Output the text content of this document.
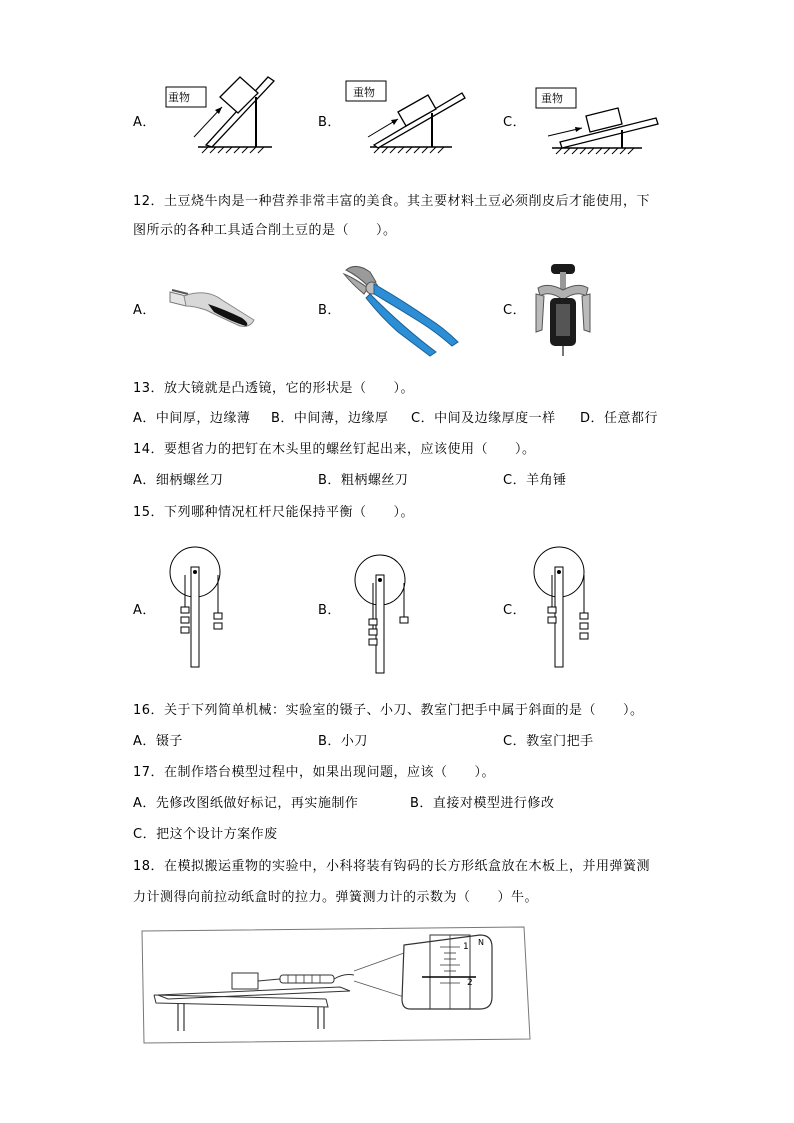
A．
重物
B．
重物
C．
重物
12．土豆烧牛肉是一种营养非常丰富的美食。其主要材料土豆必须削皮后才能使用，下
图所示的各种工具适合削土豆的是（　　）。
A．	B．	C．
13．放大镜就是凸透镜，它的形状是（　　）。
A．中间厚，边缘薄 B．中间薄，边缘厚 C．中间及边缘厚度一样 D．任意都行
14．要想省力的把钉在木头里的螺丝钉起出来，应该使用（　　）。
A．细柄螺丝刀	B．粗柄螺丝刀	C．羊角锤
15．下列哪种情况杠杆尺能保持平衡（　　）。
A．	B．	C．
16．关于下列简单机械：实验室的镊子、小刀、教室门把手中属于斜面的是（　　）。
A．镊子	B．小刀	C．教室门把手
17．在制作塔台模型过程中，如果出现问题，应该（　　）。
A．先修改图纸做好标记，再实施制作	B．直接对模型进行修改
C．把这个设计方案作废
18．在模拟搬运重物的实验中，小科将装有钩码的长方形纸盒放在木板上，并用弹簧测
力计测得向前拉动纸盒时的拉力。弹簧测力计的示数为（　　）牛。
1 N
2
